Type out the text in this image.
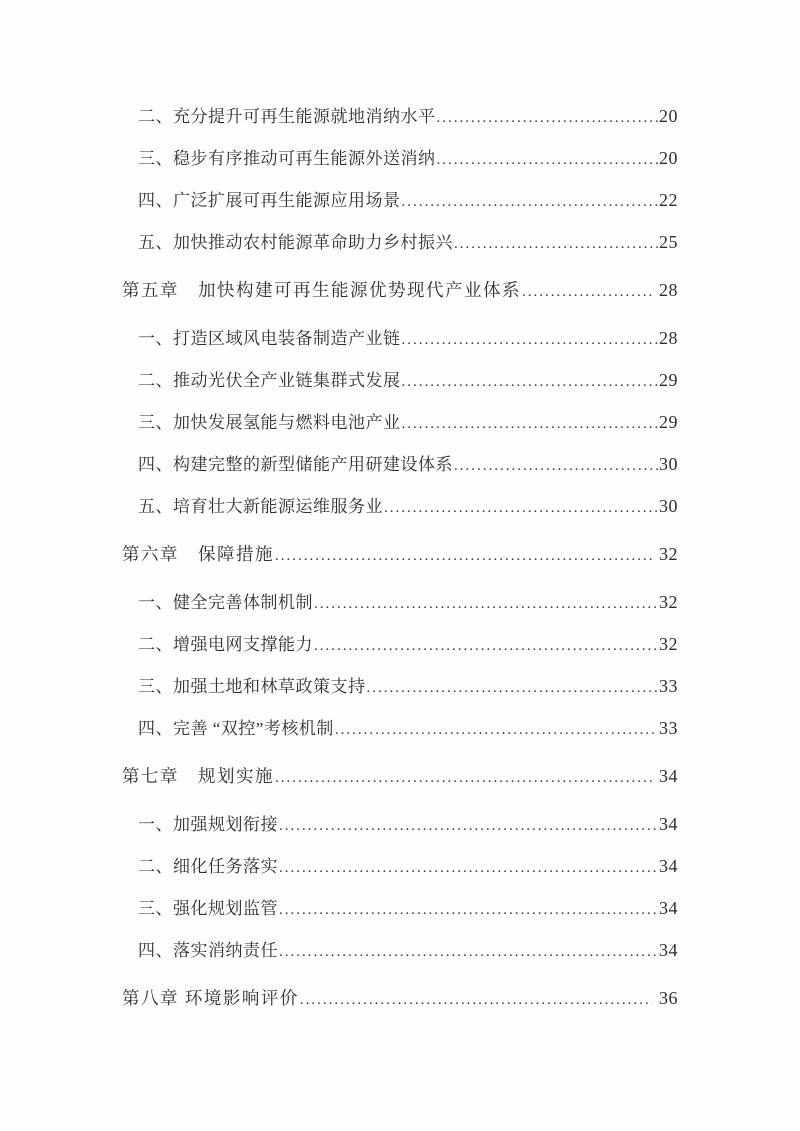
二、充分提升可再生能源就地消纳水平 .....	20
三、稳步有序推动可再生能源外送消纳 .....	20
四、广泛扩展可再生能源应用场景 .....	22
五、加快推动农村能源革命助力乡村振兴 .....	25
第五章　加快构建可再生能源优势现代产业体系 .....	28
一、打造区域风电装备制造产业链 .....	28
二、推动光伏全产业链集群式发展 .....	29
三、加快发展氢能与燃料电池产业 .....	29
四、构建完整的新型储能产用研建设体系 .....	30
五、培育壮大新能源运维服务业 .....	30
第六章　保障措施 .....	32
一、健全完善体制机制 .....	32
二、增强电网支撑能力 .....	32
三、加强土地和林草政策支持 .....	33
四、完善 “双控”考核机制 .....	33
第七章　规划实施 .....	34
一、加强规划衔接 .....	34
二、细化任务落实 .....	34
三、强化规划监管 .....	34
四、落实消纳责任 .....	34
第八章 环境影响评价 .....	36
